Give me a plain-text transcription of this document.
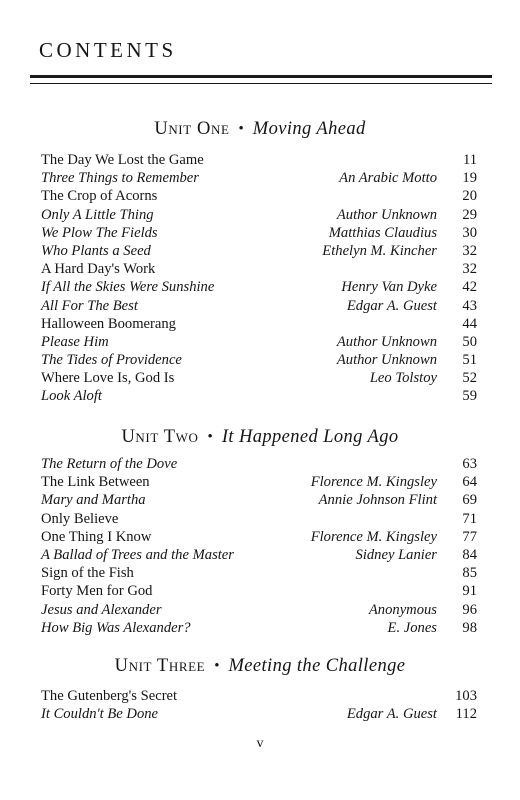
CONTENTS
Unit One • Moving Ahead
The Day We Lost the Game	11
Three Things to Remember	An Arabic Motto	19
The Crop of Acorns	20
Only A Little Thing	Author Unknown	29
We Plow The Fields	Matthias Claudius	30
Who Plants a Seed	Ethelyn M. Kincher	32
A Hard Day's Work	32
If All the Skies Were Sunshine	Henry Van Dyke	42
All For The Best	Edgar A. Guest	43
Halloween Boomerang	44
Please Him	Author Unknown	50
The Tides of Providence	Author Unknown	51
Where Love Is, God Is	Leo Tolstoy	52
Look Aloft	59
Unit Two • It Happened Long Ago
The Return of the Dove	63
The Link Between	Florence M. Kingsley	64
Mary and Martha	Annie Johnson Flint	69
Only Believe	71
One Thing I Know	Florence M. Kingsley	77
A Ballad of Trees and the Master	Sidney Lanier	84
Sign of the Fish	85
Forty Men for God	91
Jesus and Alexander	Anonymous	96
How Big Was Alexander?	E. Jones	98
Unit Three • Meeting the Challenge
The Gutenberg's Secret	103
It Couldn't Be Done	Edgar A. Guest	112
v
